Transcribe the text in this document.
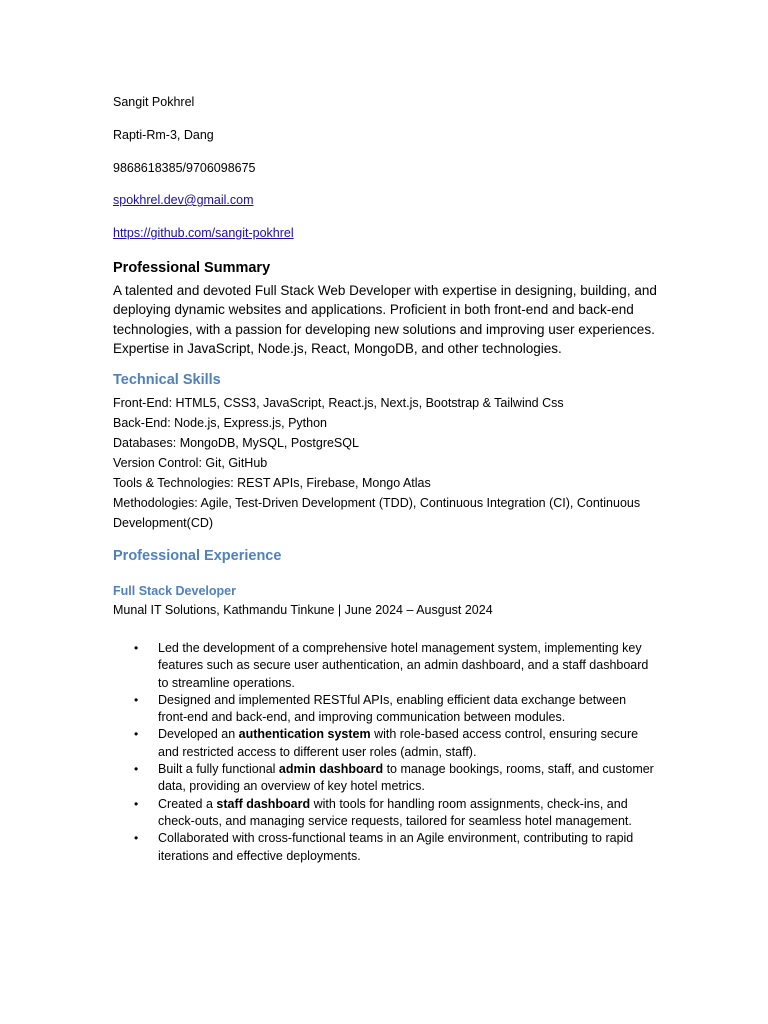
Sangit Pokhrel
Rapti-Rm-3, Dang
9868618385/9706098675
spokhrel.dev@gmail.com
https://github.com/sangit-pokhrel
Professional Summary

A talented and devoted Full Stack Web Developer with expertise in designing, building, and deploying dynamic websites and applications. Proficient in both front-end and back-end technologies, with a passion for developing new solutions and improving user experiences. Expertise in JavaScript, Node.js, React, MongoDB, and other technologies.

Technical Skills
Front-End: HTML5, CSS3, JavaScript, React.js, Next.js, Bootstrap & Tailwind Css
Back-End: Node.js, Express.js, Python
Databases: MongoDB, MySQL, PostgreSQL
Version Control: Git, GitHub
Tools & Technologies: REST APIs, Firebase, Mongo Atlas
Methodologies: Agile, Test-Driven Development (TDD), Continuous Integration (CI), Continuous Development(CD)
Professional Experience
Full Stack Developer
Munal IT Solutions, Kathmandu Tinkune | June 2024 – Ausgust 2024
•	Led the development of a comprehensive hotel management system, implementing key features such as secure user authentication, an admin dashboard, and a staff dashboard to streamline operations.
•	Designed and implemented RESTful APIs, enabling efficient data exchange between front-end and back-end, and improving communication between modules.
•	Developed an authentication system with role-based access control, ensuring secure and restricted access to different user roles (admin, staff).
•	Built a fully functional admin dashboard to manage bookings, rooms, staff, and customer data, providing an overview of key hotel metrics.
•	Created a staff dashboard with tools for handling room assignments, check-ins, and check-outs, and managing service requests, tailored for seamless hotel management.
•	Collaborated with cross-functional teams in an Agile environment, contributing to rapid iterations and effective deployments.
